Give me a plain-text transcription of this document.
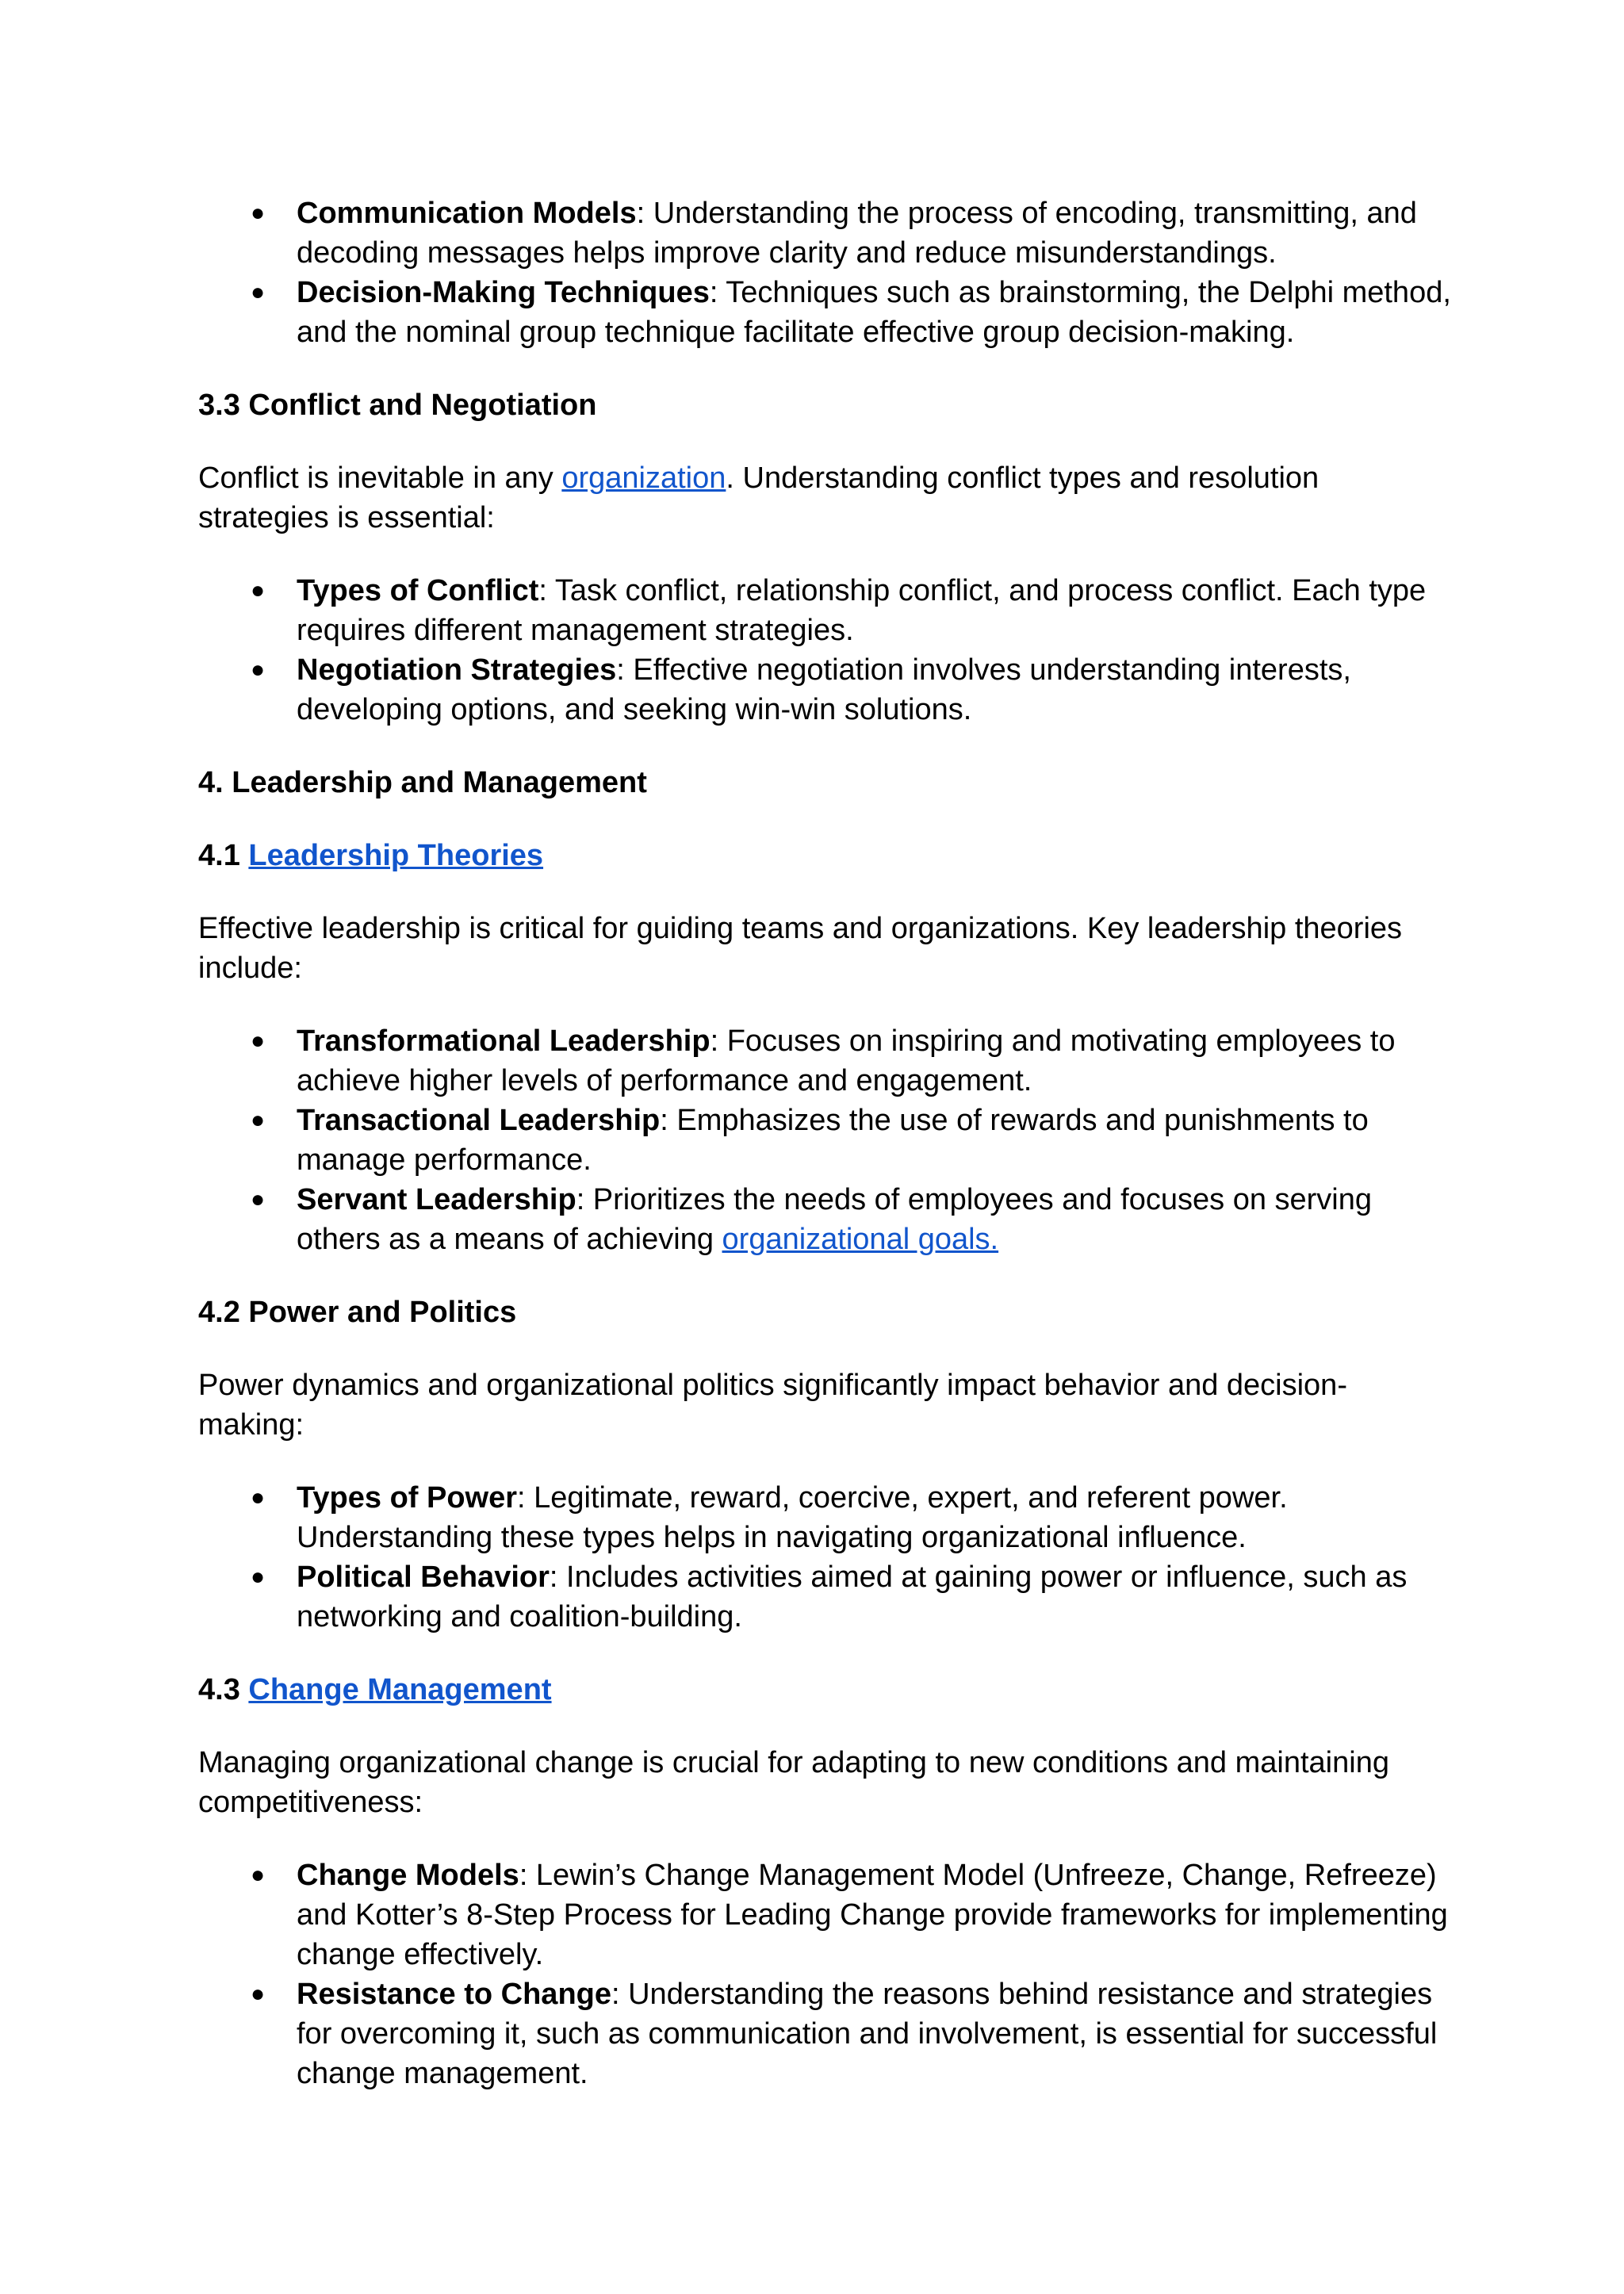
● Communication Models: Understanding the process of encoding, transmitting, and decoding messages helps improve clarity and reduce misunderstandings.
● Decision-Making Techniques: Techniques such as brainstorming, the Delphi method, and the nominal group technique facilitate effective group decision-making.

3.3 Conflict and Negotiation

Conflict is inevitable in any organization. Understanding conflict types and resolution strategies is essential:

● Types of Conflict: Task conflict, relationship conflict, and process conflict. Each type requires different management strategies.
● Negotiation Strategies: Effective negotiation involves understanding interests, developing options, and seeking win-win solutions.

4. Leadership and Management

4.1 Leadership Theories

Effective leadership is critical for guiding teams and organizations. Key leadership theories include:

● Transformational Leadership: Focuses on inspiring and motivating employees to achieve higher levels of performance and engagement.
● Transactional Leadership: Emphasizes the use of rewards and punishments to manage performance.
● Servant Leadership: Prioritizes the needs of employees and focuses on serving others as a means of achieving organizational goals.

4.2 Power and Politics

Power dynamics and organizational politics significantly impact behavior and decision-making:

● Types of Power: Legitimate, reward, coercive, expert, and referent power. Understanding these types helps in navigating organizational influence.
● Political Behavior: Includes activities aimed at gaining power or influence, such as networking and coalition-building.

4.3 Change Management

Managing organizational change is crucial for adapting to new conditions and maintaining competitiveness:

● Change Models: Lewin’s Change Management Model (Unfreeze, Change, Refreeze) and Kotter’s 8-Step Process for Leading Change provide frameworks for implementing change effectively.
● Resistance to Change: Understanding the reasons behind resistance and strategies for overcoming it, such as communication and involvement, is essential for successful change management.
